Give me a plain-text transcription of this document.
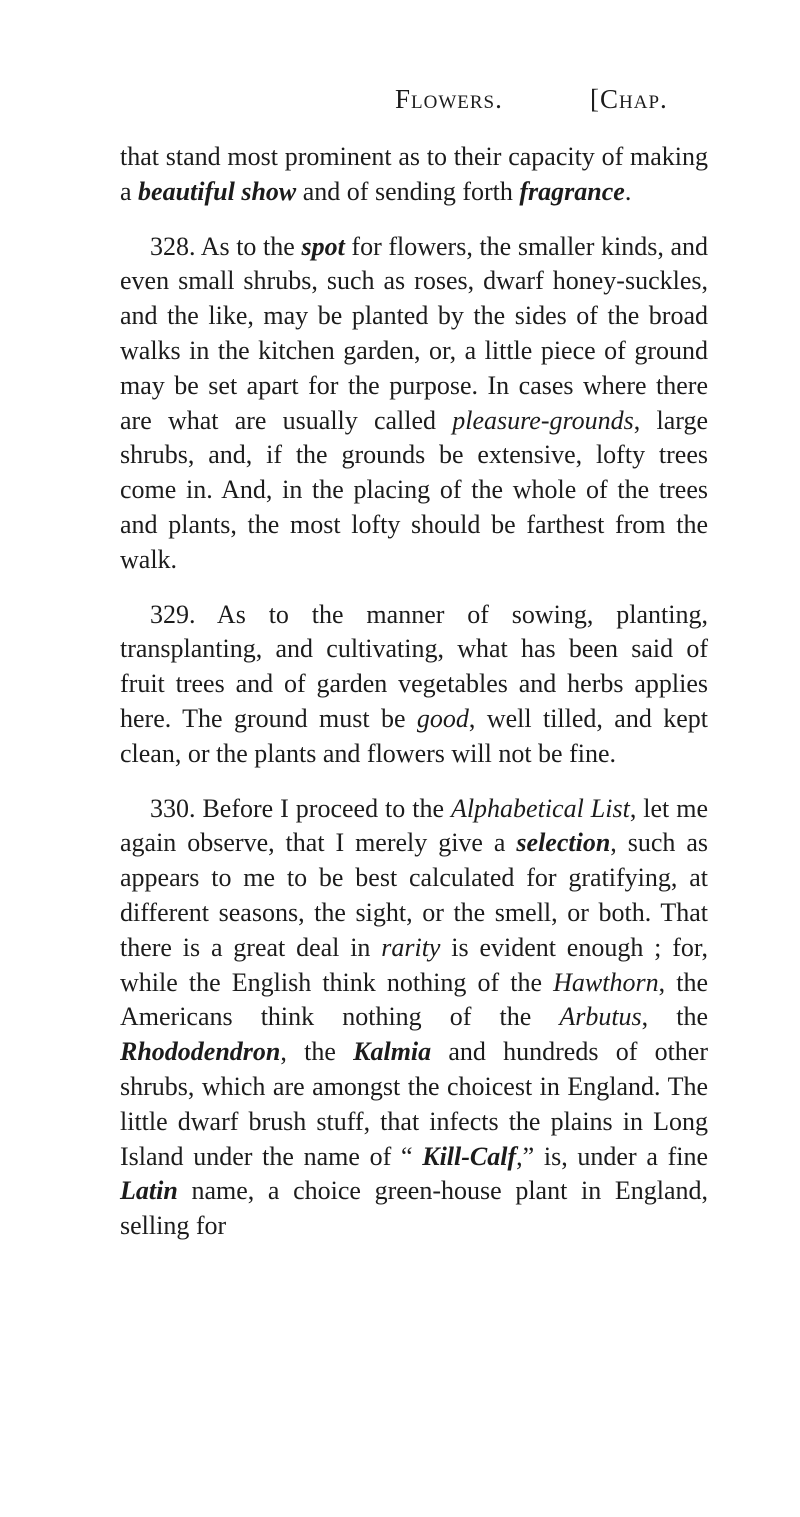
Flowers.	[Chap.

that stand most prominent as to their capacity of making a beautiful show and of sending forth fragrance.

328. As to the spot for flowers, the smaller kinds, and even small shrubs, such as roses, dwarf honey-suckles, and the like, may be planted by the sides of the broad walks in the kitchen garden, or, a little piece of ground may be set apart for the purpose. In cases where there are what are usually called pleasure-grounds, large shrubs, and, if the grounds be extensive, lofty trees come in. And, in the placing of the whole of the trees and plants, the most lofty should be farthest from the walk.

329. As to the manner of sowing, planting, transplanting, and cultivating, what has been said of fruit trees and of garden vegetables and herbs applies here. The ground must be good, well tilled, and kept clean, or the plants and flowers will not be fine.

330. Before I proceed to the Alphabetical List, let me again observe, that I merely give a selection, such as appears to me to be best calculated for gratifying, at different seasons, the sight, or the smell, or both. That there is a great deal in rarity is evident enough ; for, while the English think nothing of the Hawthorn, the Americans think nothing of the Arbutus, the Rhododendron, the Kalmia and hundreds of other shrubs, which are amongst the choicest in England. The little dwarf brush stuff, that infects the plains in Long Island under the name of “ Kill-Calf,” is, under a fine Latin name, a choice green-house plant in England, selling for
